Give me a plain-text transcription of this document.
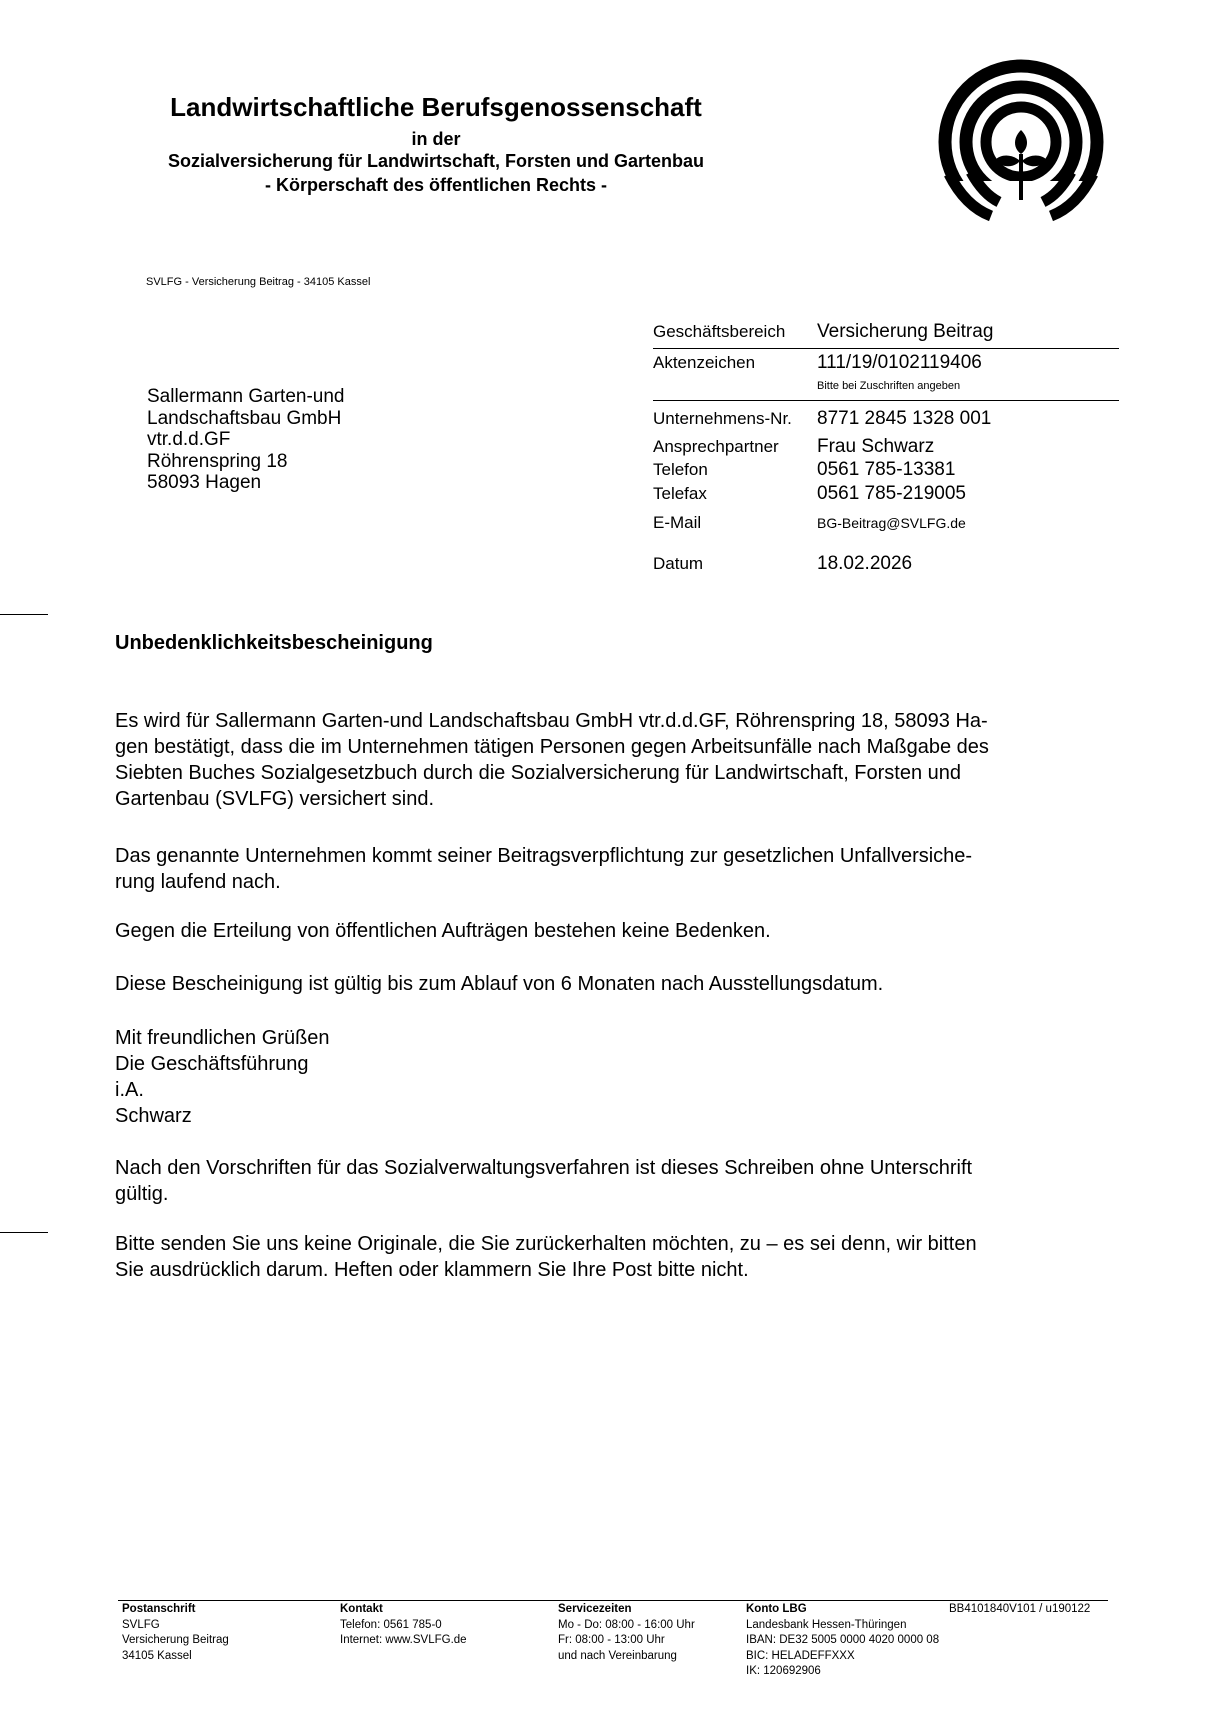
Landwirtschaftliche Berufsgenossenschaft
in der
Sozialversicherung für Landwirtschaft, Forsten und Gartenbau
- Körperschaft des öffentlichen Rechts -
SVLFG - Versicherung Beitrag - 34105 Kassel
Sallermann Garten-und
Landschaftsbau GmbH
vtr.d.d.GF
Röhrenspring 18
58093 Hagen
Geschäftsbereich Versicherung Beitrag
Aktenzeichen	111/19/0102119406
Bitte bei Zuschriften angeben
Unternehmens-Nr. 8771 2845 1328 001
Ansprechpartner Frau Schwarz
Telefon	0561 785-13381
Telefax	0561 785-219005
E-Mail	BG-Beitrag@SVLFG.de
Datum	18.02.2026
Unbedenklichkeitsbescheinigung

Es wird für Sallermann Garten-und Landschaftsbau GmbH vtr.d.d.GF, Röhrenspring 18, 58093 Ha-

gen bestätigt, dass die im Unternehmen tätigen Personen gegen Arbeitsunfälle nach Maßgabe des

Siebten Buches Sozialgesetzbuch durch die Sozialversicherung für Landwirtschaft, Forsten und

Gartenbau (SVLFG) versichert sind.

Das genannte Unternehmen kommt seiner Beitragsverpflichtung zur gesetzlichen Unfallversiche-

rung laufend nach.

Gegen die Erteilung von öffentlichen Aufträgen bestehen keine Bedenken.

Diese Bescheinigung ist gültig bis zum Ablauf von 6 Monaten nach Ausstellungsdatum.

Mit freundlichen Grüßen

Die Geschäftsführung

i.A.

Schwarz

Nach den Vorschriften für das Sozialverwaltungsverfahren ist dieses Schreiben ohne Unterschrift

gültig.

Bitte senden Sie uns keine Originale, die Sie zurückerhalten möchten, zu – es sei denn, wir bitten

Sie ausdrücklich darum. Heften oder klammern Sie Ihre Post bitte nicht.

Postanschrift
SVLFG
Versicherung Beitrag
34105 Kassel
Kontakt
Telefon: 0561 785-0
Internet: www.SVLFG.de
Servicezeiten
Mo - Do: 08:00 - 16:00 Uhr
Fr: 08:00 - 13:00 Uhr
und nach Vereinbarung
Konto LBG
Landesbank Hessen-Thüringen
IBAN: DE32 5005 0000 4020 0000 08
BIC: HELADEFFXXX
IK: 120692906
BB4101840V101 / u190122
